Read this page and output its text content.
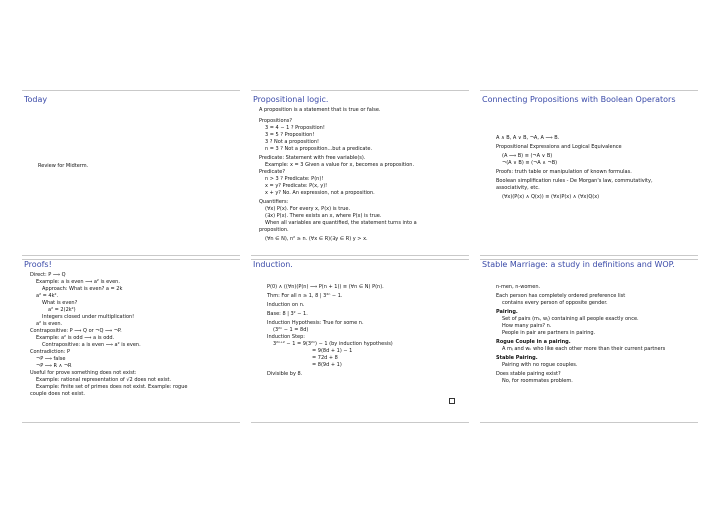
Today
Review for Midterm.
Propositional logic.
A proposition is a statement that is true or false.
Propositions?
3 = 4 − 1 ? Proposition!
3 = 5 ? Proposition!
3 ? Not a proposition!
n = 3 ? Not a proposition...but a predicate.
Predicate: Statement with free variable(s).
Example: x = 3 Given a value for x, becomes a proposition.
Predicate?
n > 3 ? Predicate: P(n)!
x = y? Predicate: P(x, y)!
x + y? No. An expression, not a proposition.
Quantifiers:
(∀x) P(x). For every x, P(x) is true.
(∃x) P(x). There exists an x, where P(x) is true.
When all variables are quantified, the statement turns into a
proposition.
(∀n ∈ N), n² ≥ n. (∀x ∈ R)(∃y ∈ R) y > x.
Connecting Propositions with Boolean Operators
A ∧ B, A ∨ B, ¬A, A ⟹ B.
Propositional Expressions and Logical Equivalence
(A ⟹ B) ≡ (¬A ∨ B)
¬(A ∨ B) ≡ (¬A ∧ ¬B)
Proofs: truth table or manipulation of known formulas.
Boolean simplification rules - De Morgan's law, commutativity,
associativity, etc.
(∀x)(P(x) ∧ Q(x)) ≡ (∀x)P(x) ∧ (∀x)Q(x)
Proofs!
Direct: P ⟹ Q
Example: a is even ⟹ a² is even.
Approach: What is even? a = 2k
a² = 4k².
What is even?
a² = 2(2k²)
Integers closed under multiplication!
a² is even.
Contrapositive: P ⟹ Q or ¬Q ⟹ ¬P.
Example: a² is odd ⟹ a is odd.
Contrapositive: a is even ⟹ a² is even.
Contradiction: P
¬P ⟹ false
¬P ⟹ R ∧ ¬R
Useful for prove something does not exist:
Example: rational representation of √2 does not exist.
Example: finite set of primes does not exist. Example: rogue
couple does not exist.
Induction.
P(0) ∧ ((∀n)(P(n) ⟹ P(n + 1)) ≡ (∀n ∈ N) P(n).
Thm: For all n ≥ 1, 8 | 3²ⁿ − 1.
Induction on n.
Base: 8 | 3² − 1.
Induction Hypothesis: True for some n.
(3²ⁿ − 1 = 8d)
Induction Step:
3²ⁿ⁺² − 1 = 9(3²ⁿ) − 1 (by induction hypothesis)
= 9(8d + 1) − 1
= 72d + 8
= 8(9d + 1)
Divisible by 8.
Stable Marriage: a study in definitions and WOP.
n-men, n-women.
Each person has completely ordered preference list
contains every person of opposite gender.
Pairing.
Set of pairs (mᵢ, wⱼ) containing all people exactly once.
How many pairs? n.
People in pair are partners in pairing.
Rogue Couple in a pairing.
A mⱼ and wₖ who like each other more than their current partners
Stable Pairing.
Pairing with no rogue couples.
Does stable pairing exist?
No, for roommates problem.
